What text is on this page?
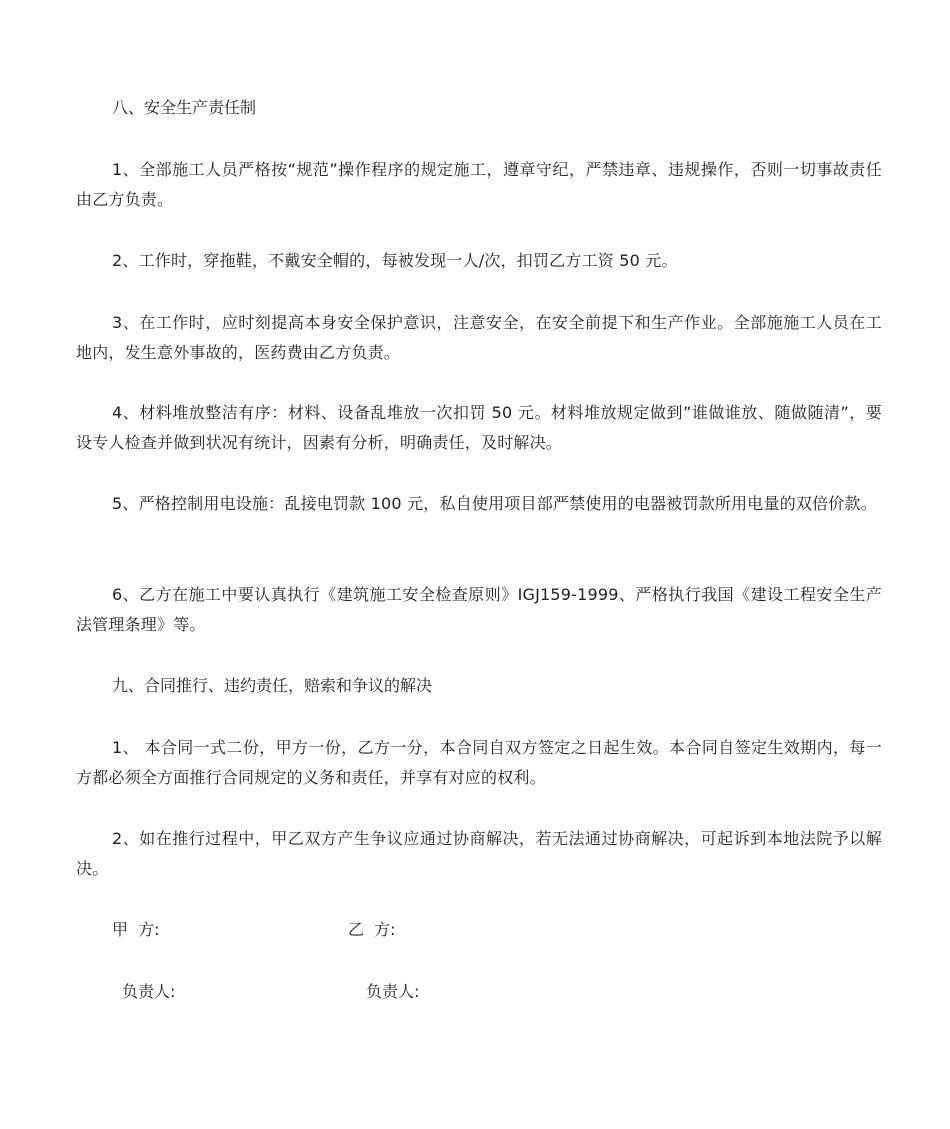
八、安全生产责任制

1、全部施工人员严格按“规范”操作程序的规定施工，遵章守纪，严禁违章、违规操作，否则一切事故责任由乙方负责。

2、工作时，穿拖鞋，不戴安全帽的，每被发现一人/次，扣罚乙方工资 50 元。

3、在工作时，应时刻提高本身安全保护意识，注意安全，在安全前提下和生产作业。全部施施工人员在工地内，发生意外事故的，医药费由乙方负责。

4、材料堆放整洁有序：材料、设备乱堆放一次扣罚 50 元。材料堆放规定做到”谁做谁放、随做随清”，要设专人检查并做到状况有统计，因素有分析，明确责任，及时解决。

5、严格控制用电设施：乱接电罚款 100 元，私自使用项目部严禁使用的电器被罚款所用电量的双倍价款。

6、乙方在施工中要认真执行《建筑施工安全检查原则》IGJ159-1999、严格执行我国《建设工程安全生产法管理条理》等。

九、合同推行、违约责任，赔索和争议的解决

1、 本合同一式二份，甲方一份，乙方一分，本合同自双方签定之日起生效。本合同自签定生效期内，每一方都必须全方面推行合同规定的义务和责任，并享有对应的权利。

2、如在推行过程中，甲乙双方产生争议应通过协商解决，若无法通过协商解决，可起诉到本地法院予以解决。

甲  方:	乙  方:
负责人:	负责人:
